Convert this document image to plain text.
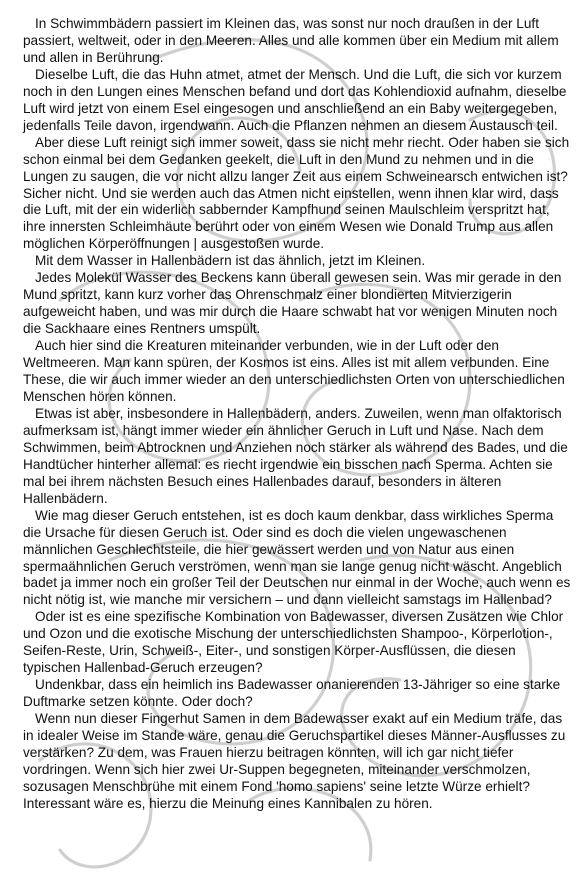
In Schwimmbädern passiert im Kleinen das, was sonst nur noch draußen in der Luft passiert, weltweit, oder in den Meeren. Alles und alle kommen über ein Medium mit allem und allen in Berührung.

Dieselbe Luft, die das Huhn atmet, atmet der Mensch. Und die Luft, die sich vor kurzem noch in den Lungen eines Menschen befand und dort das Kohlendioxid aufnahm, dieselbe Luft wird jetzt von einem Esel eingesogen und anschließend an ein Baby weitergegeben, jedenfalls Teile davon, irgendwann. Auch die Pflanzen nehmen an diesem Austausch teil.

Aber diese Luft reinigt sich immer soweit, dass sie nicht mehr riecht. Oder haben sie sich schon einmal bei dem Gedanken geekelt, die Luft in den Mund zu nehmen und in die Lungen zu saugen, die vor nicht allzu langer Zeit aus einem Schweinearsch entwichen ist? Sicher nicht. Und sie werden auch das Atmen nicht einstellen, wenn ihnen klar wird, dass die Luft, mit der ein widerlich sabbernder Kampfhund seinen Maulschleim verspritzt hat, ihre innersten Schleimhäute berührt oder von einem Wesen wie Donald Trump aus allen möglichen Körperöffnungen | ausgestoßen wurde.

Mit dem Wasser in Hallenbädern ist das ähnlich, jetzt im Kleinen.

Jedes Molekül Wasser des Beckens kann überall gewesen sein. Was mir gerade in den Mund spritzt, kann kurz vorher das Ohrenschmalz einer blondierten Mitvierzigerin aufgeweicht haben, und was mir durch die Haare schwabt hat vor wenigen Minuten noch die Sackhaare eines Rentners umspült.

Auch hier sind die Kreaturen miteinander verbunden, wie in der Luft oder den Weltmeeren. Man kann spüren, der Kosmos ist eins. Alles ist mit allem verbunden. Eine These, die wir auch immer wieder an den unterschiedlichsten Orten von unterschiedlichen Menschen hören können.

Etwas ist aber, insbesondere in Hallenbädern, anders. Zuweilen, wenn man olfaktorisch aufmerksam ist, hängt immer wieder ein ähnlicher Geruch in Luft und Nase. Nach dem Schwimmen, beim Abtrocknen und Anziehen noch stärker als während des Bades, und die Handtücher hinterher allemal: es riecht irgendwie ein bisschen nach Sperma. Achten sie mal bei ihrem nächsten Besuch eines Hallenbades darauf, besonders in älteren Hallenbädern.

Wie mag dieser Geruch entstehen, ist es doch kaum denkbar, dass wirkliches Sperma die Ursache für diesen Geruch ist. Oder sind es doch die vielen ungewaschenen männlichen Geschlechtsteile, die hier gewässert werden und von Natur aus einen spermaähnlichen Geruch verströmen, wenn man sie lange genug nicht wäscht. Angeblich badet ja immer noch ein großer Teil der Deutschen nur einmal in der Woche, auch wenn es nicht nötig ist, wie manche mir versichern – und dann vielleicht samstags im Hallenbad?

Oder ist es eine spezifische Kombination von Badewasser, diversen Zusätzen wie Chlor und Ozon und die exotische Mischung der unterschiedlichsten Shampoo-, Körperlotion-, Seifen-Reste, Urin, Schweiß-, Eiter-, und sonstigen Körper-Ausflüssen, die diesen typischen Hallenbad-Geruch erzeugen?

Undenkbar, dass ein heimlich ins Badewasser onanierenden 13-Jähriger so eine starke Duftmarke setzen könnte. Oder doch?

Wenn nun dieser Fingerhut Samen in dem Badewasser exakt auf ein Medium träfe, das in idealer Weise im Stande wäre, genau die Geruchspartikel dieses Männer-Ausflusses zu verstärken? Zu dem, was Frauen hierzu beitragen könnten, will ich gar nicht tiefer vordringen. Wenn sich hier zwei Ur-Suppen begegneten, miteinander verschmolzen, sozusagen Menschbrühe mit einem Fond 'homo sapiens' seine letzte Würze erhielt?

Interessant wäre es, hierzu die Meinung eines Kannibalen zu hören.
